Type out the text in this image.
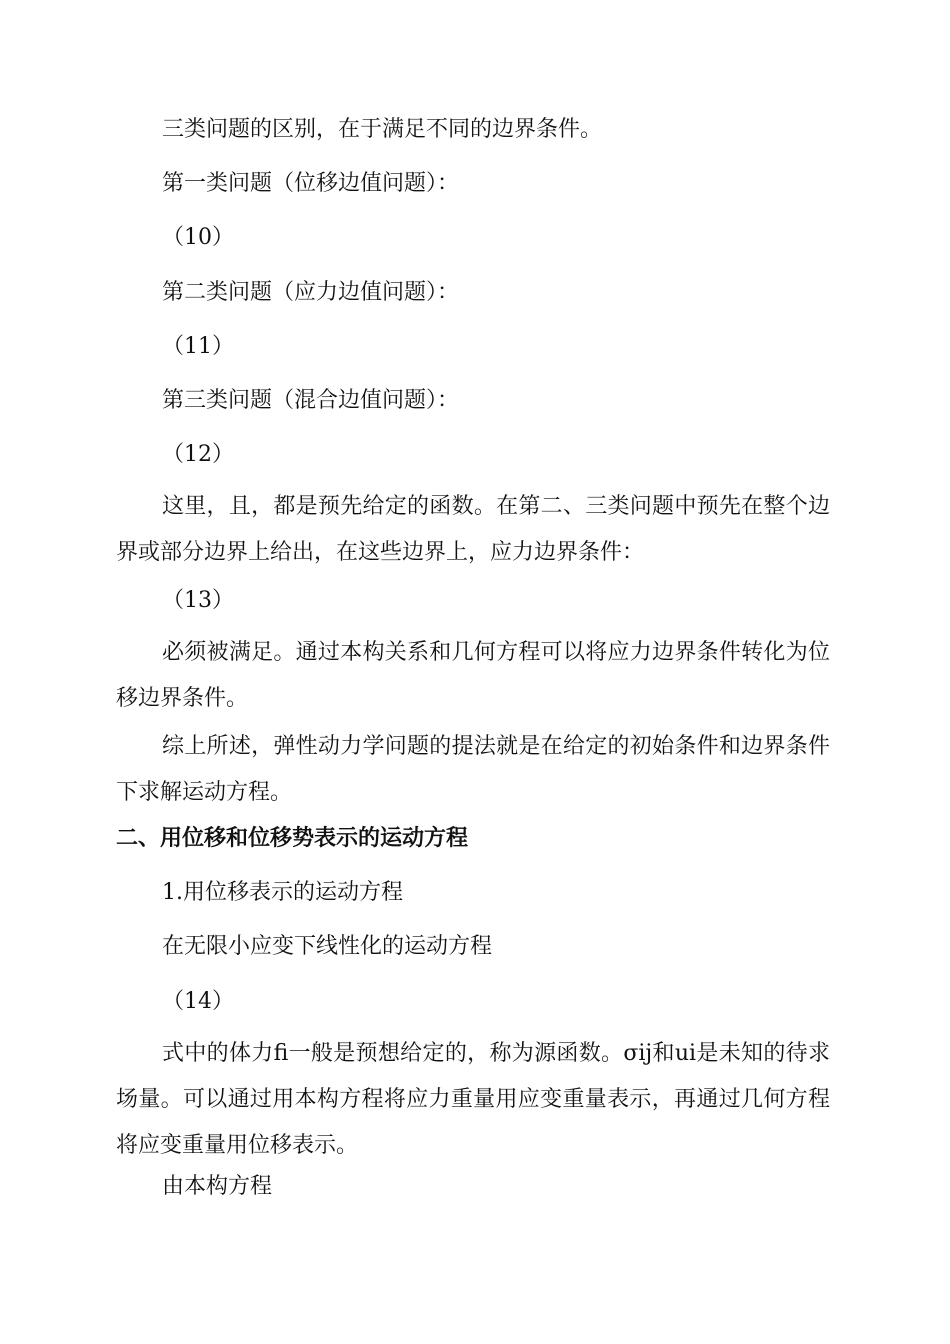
三类问题的区别，在于满足不同的边界条件。
第一类问题（位移边值问题）：
（10）
第二类问题（应力边值问题）：
（11）
第三类问题（混合边值问题）：
（12）
这里，且，都是预先给定的函数。在第二、三类问题中预先在整个边界或部分边界上给出，在这些边界上，应力边界条件：
（13）
必须被满足。通过本构关系和几何方程可以将应力边界条件转化为位移边界条件。
综上所述，弹性动力学问题的提法就是在给定的初始条件和边界条件下求解运动方程。
二、用位移和位移势表示的运动方程
1.用位移表示的运动方程
在无限小应变下线性化的运动方程
（14）
式中的体力fi一般是预想给定的，称为源函数。σij和ui是未知的待求场量。可以通过用本构方程将应力重量用应变重量表示，再通过几何方程将应变重量用位移表示。
由本构方程
